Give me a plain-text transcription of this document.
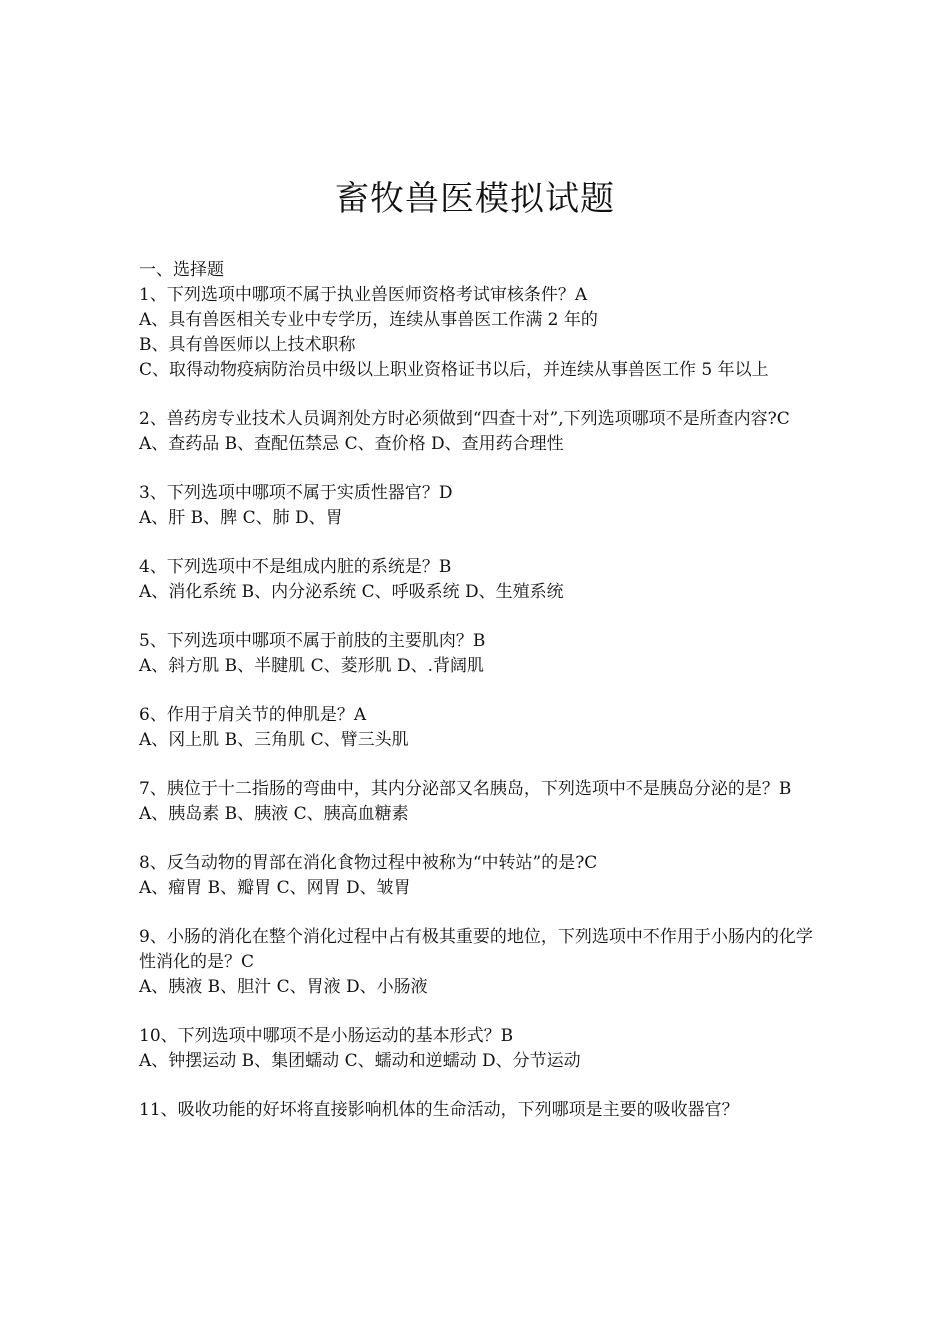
畜牧兽医模拟试题

一、选择题

1、下列选项中哪项不属于执业兽医师资格考试审核条件？A

A、具有兽医相关专业中专学历，连续从事兽医工作满 2 年的

B、具有兽医师以上技术职称

C、取得动物疫病防治员中级以上职业资格证书以后，并连续从事兽医工作 5 年以上

2、兽药房专业技术人员调剂处方时必须做到“四查十对”,下列选项哪项不是所查内容?C

A、查药品 B、查配伍禁忌 C、查价格 D、查用药合理性

3、下列选项中哪项不属于实质性器官？D

A、肝 B、脾 C、肺 D、胃

4、下列选项中不是组成内脏的系统是？B

A、消化系统 B、内分泌系统 C、呼吸系统 D、生殖系统

5、下列选项中哪项不属于前肢的主要肌肉？B

A、斜方肌 B、半腱肌 C、菱形肌 D、.背阔肌

6、作用于肩关节的伸肌是？A

A、冈上肌 B、三角肌 C、臂三头肌

7、胰位于十二指肠的弯曲中，其内分泌部又名胰岛，下列选项中不是胰岛分泌的是？B

A、胰岛素 B、胰液 C、胰高血糖素

8、反刍动物的胃部在消化食物过程中被称为“中转站”的是?C

A、瘤胃 B、瓣胃 C、网胃 D、皱胃

9、小肠的消化在整个消化过程中占有极其重要的地位，下列选项中不作用于小肠内的化学性消化的是？C

A、胰液 B、胆汁 C、胃液 D、小肠液

10、下列选项中哪项不是小肠运动的基本形式？B

A、钟摆运动 B、集团蠕动 C、蠕动和逆蠕动 D、分节运动

11、吸收功能的好坏将直接影响机体的生命活动，下列哪项是主要的吸收器官？
